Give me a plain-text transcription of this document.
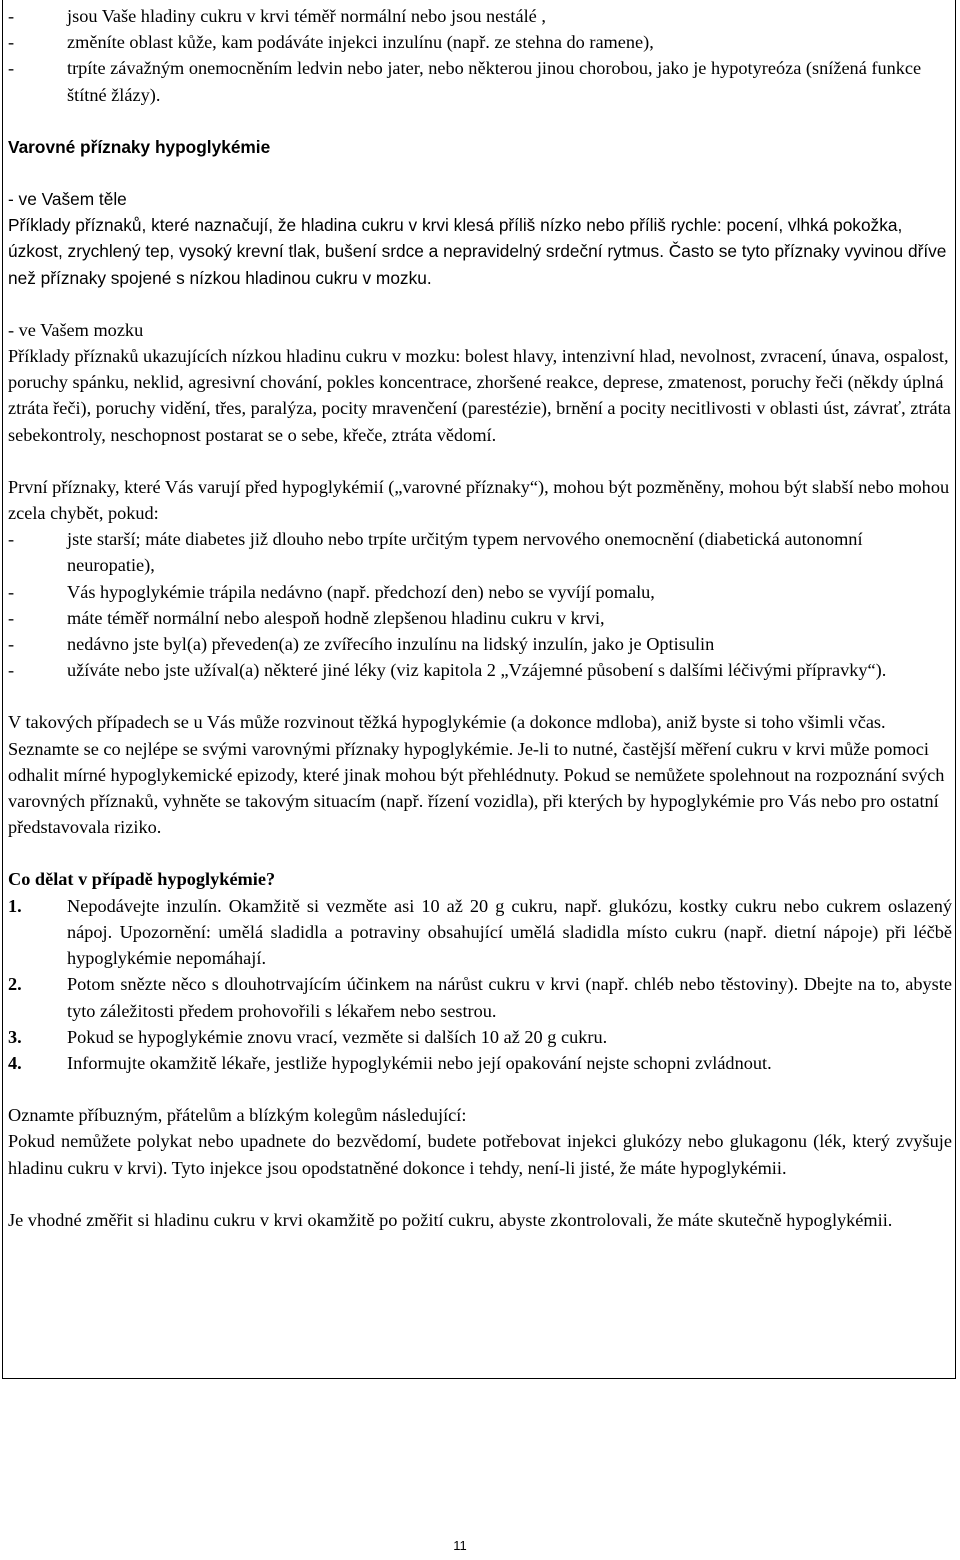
-	jsou Vaše hladiny cukru v krvi téměř normální nebo jsou nestálé ,
-	změníte oblast kůže, kam podáváte injekci inzulínu (např. ze stehna do ramene),
-	trpíte závažným onemocněním ledvin nebo jater, nebo některou jinou chorobou, jako je hypotyreóza (snížená funkce štítné žlázy).
Varovné příznaky hypoglykémie
- ve Vašem těle
Příklady příznaků, které naznačují, že hladina cukru v krvi klesá příliš nízko nebo příliš rychle: pocení, vlhká pokožka, úzkost, zrychlený tep, vysoký krevní tlak, bušení srdce a nepravidelný srdeční rytmus. Často se tyto příznaky vyvinou dříve než příznaky spojené s nízkou hladinou cukru v mozku.
- ve Vašem mozku
Příklady příznaků ukazujících nízkou hladinu cukru v mozku: bolest hlavy, intenzivní hlad, nevolnost, zvracení, únava, ospalost, poruchy spánku, neklid, agresivní chování, pokles koncentrace, zhoršené reakce, deprese, zmatenost, poruchy řeči (někdy úplná ztráta řeči), poruchy vidění, třes, paralýza, pocity mravenčení (parestézie), brnění a pocity necitlivosti v oblasti úst, závrať, ztráta sebekontroly, neschopnost postarat se o sebe, křeče, ztráta vědomí.
První příznaky, které Vás varují před hypoglykémií („varovné příznaky“), mohou být pozměněny, mohou být slabší nebo mohou zcela chybět, pokud:
-	jste starší; máte diabetes již dlouho nebo trpíte určitým typem nervového onemocnění (diabetická autonomní neuropatie),
-	Vás hypoglykémie trápila nedávno (např. předchozí den) nebo se vyvíjí pomalu,
-	máte téměř normální nebo alespoň hodně zlepšenou hladinu cukru v krvi,
-	nedávno jste byl(a) převeden(a) ze zvířecího inzulínu na lidský inzulín, jako je Optisulin
-	užíváte nebo jste užíval(a) některé jiné léky (viz kapitola 2 „Vzájemné působení s dalšími léčivými přípravky“).
V takových případech se u Vás může rozvinout těžká hypoglykémie (a dokonce mdloba), aniž byste si toho všimli včas. Seznamte se co nejlépe se svými varovnými příznaky hypoglykémie. Je-li to nutné, častější měření cukru v krvi může pomoci odhalit mírné hypoglykemické epizody, které jinak mohou být přehlédnuty. Pokud se nemůžete spolehnout na rozpoznání svých varovných příznaků, vyhněte se takovým situacím (např. řízení vozidla), při kterých by hypoglykémie pro Vás nebo pro ostatní představovala riziko.
Co dělat v případě hypoglykémie?
1.	Nepodávejte inzulín. Okamžitě si vezměte asi 10 až 20 g cukru, např. glukózu, kostky cukru nebo cukrem oslazený nápoj. Upozornění: umělá sladidla a potraviny obsahující umělá sladidla místo cukru (např. dietní nápoje) při léčbě hypoglykémie nepomáhají.
2.	Potom snězte něco s dlouhotrvajícím účinkem na nárůst cukru v krvi (např. chléb nebo těstoviny). Dbejte na to, abyste tyto záležitosti předem prohovořili s lékařem nebo sestrou.
3.	Pokud se hypoglykémie znovu vrací, vezměte si dalších 10 až 20 g cukru.
4.	Informujte okamžitě lékaře, jestliže hypoglykémii nebo její opakování nejste schopni zvládnout.
Oznamte příbuzným, přátelům a blízkým kolegům následující:
Pokud nemůžete polykat nebo upadnete do bezvědomí, budete potřebovat injekci glukózy nebo glukagonu (lék, který zvyšuje hladinu cukru v krvi). Tyto injekce jsou opodstatněné dokonce i tehdy, není-li jisté, že máte hypoglykémii.
Je vhodné změřit si hladinu cukru v krvi okamžitě po požití cukru, abyste zkontrolovali, že máte skutečně hypoglykémii.
11
